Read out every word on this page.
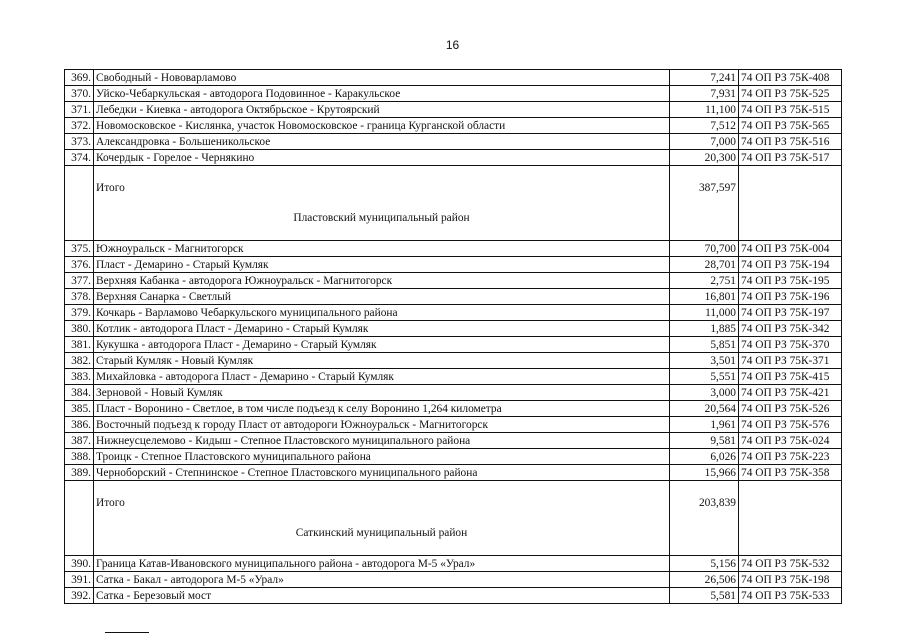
16
369.	Свободный - Нововарламово	7,241	74 ОП РЗ 75К-408
370.	Уйско-Чебаркульская - автодорога Подовинное - Каракульское	7,931	74 ОП РЗ 75К-525
371.	Лебедки - Киевка - автодорога Октябрьское - Крутоярский	11,100	74 ОП РЗ 75К-515
372.	Новомосковское - Кислянка, участок Новомосковское - граница Курганской области	7,512	74 ОП РЗ 75К-565
373.	Александровка - Большеникольское	7,000	74 ОП РЗ 75К-516
374.	Кочердык - Горелое - Чернякино	20,300	74 ОП РЗ 75К-517

	Итого	387,597	

	Пластовский муниципальный район		

375.	Южноуральск - Магнитогорск	70,700	74 ОП РЗ 75К-004
376.	Пласт - Демарино - Старый Кумляк	28,701	74 ОП РЗ 75К-194
377.	Верхняя Кабанка - автодорога Южноуральск - Магнитогорск	2,751	74 ОП РЗ 75К-195
378.	Верхняя Санарка - Светлый	16,801	74 ОП РЗ 75К-196
379.	Кочкарь - Варламово Чебаркульского муниципального района	11,000	74 ОП РЗ 75К-197
380.	Котлик - автодорога Пласт - Демарино - Старый Кумляк	1,885	74 ОП РЗ 75К-342
381.	Кукушка - автодорога Пласт - Демарино - Старый Кумляк	5,851	74 ОП РЗ 75К-370
382.	Старый Кумляк - Новый Кумляк	3,501	74 ОП РЗ 75К-371
383.	Михайловка - автодорога Пласт - Демарино - Старый Кумляк	5,551	74 ОП РЗ 75К-415
384.	Зерновой - Новый Кумляк	3,000	74 ОП РЗ 75К-421
385.	Пласт - Воронино - Светлое, в том числе подъезд к селу Воронино 1,264 километра	20,564	74 ОП РЗ 75К-526
386.	Восточный подъезд к городу Пласт от автодороги Южноуральск - Магнитогорск	1,961	74 ОП РЗ 75К-576
387.	Нижнеусцелемово - Кидыш - Степное Пластовского муниципального района	9,581	74 ОП РЗ 75К-024
388.	Троицк - Степное Пластовского муниципального района	6,026	74 ОП РЗ 75К-223
389.	Черноборский - Степнинское - Степное Пластовского муниципального района	15,966	74 ОП РЗ 75К-358

	Итого	203,839	

	Саткинский муниципальный район		

390.	Граница Катав-Ивановского муниципального района - автодорога М-5 «Урал»	5,156	74 ОП РЗ 75К-532
391.	Сатка - Бакал - автодорога М-5 «Урал»	26,506	74 ОП РЗ 75К-198
392.	Сатка - Березовый мост	5,581	74 ОП РЗ 75К-533
